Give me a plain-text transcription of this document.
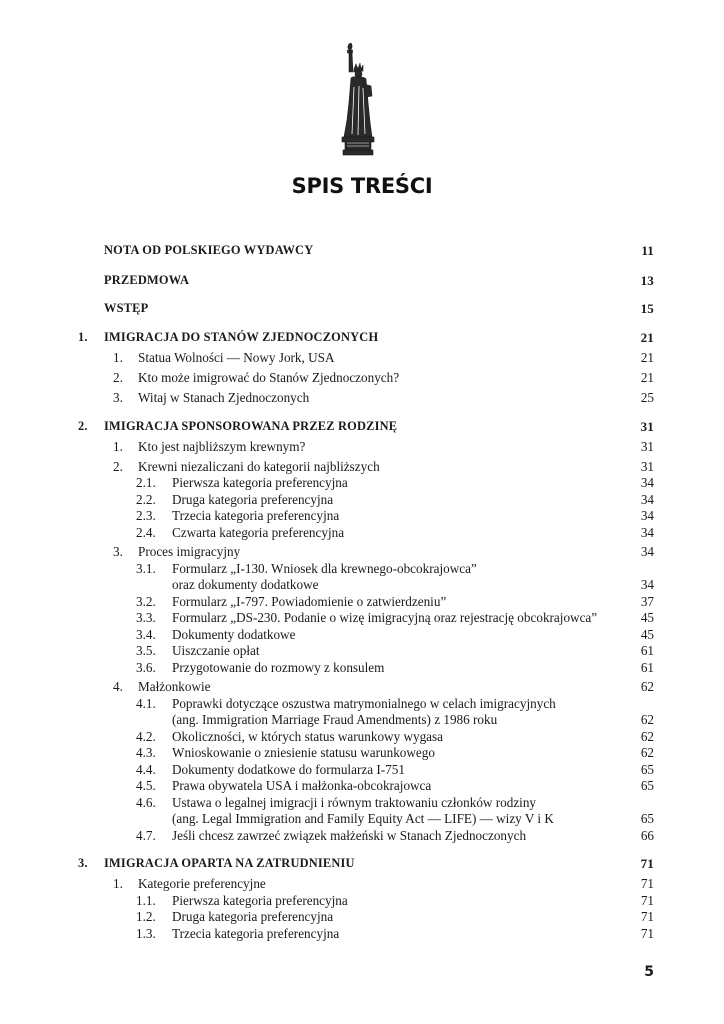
SPIS TREŚCI
NOTA OD POLSKIEGO WYDAWCY	11
PRZEDMOWA	13
WSTĘP	15
1. IMIGRACJA DO STANÓW ZJEDNOCZONYCH	21
1. Statua Wolności — Nowy Jork, USA	21
2. Kto może imigrować do Stanów Zjednoczonych?	21
3. Witaj w Stanach Zjednoczonych	25
2. IMIGRACJA SPONSOROWANA PRZEZ RODZINĘ	31
1. Kto jest najbliższym krewnym?	31
2. Krewni niezaliczani do kategorii najbliższych	31
2.1. Pierwsza kategoria preferencyjna	34
2.2. Druga kategoria preferencyjna	34
2.3. Trzecia kategoria preferencyjna	34
2.4. Czwarta kategoria preferencyjna	34
3. Proces imigracyjny	34
3.1. Formularz „I-130. Wniosek dla krewnego-obcokrajowca”
oraz dokumenty dodatkowe	34
3.2. Formularz „I-797. Powiadomienie o zatwierdzeniu”	37
3.3. Formularz „DS-230. Podanie o wizę imigracyjną oraz rejestrację obcokrajowca”	45
3.4. Dokumenty dodatkowe	45
3.5. Uiszczanie opłat	61
3.6. Przygotowanie do rozmowy z konsulem	61
4. Małżonkowie	62
4.1. Poprawki dotyczące oszustwa matrymonialnego w celach imigracyjnych
(ang. Immigration Marriage Fraud Amendments) z 1986 roku	62
4.2. Okoliczności, w których status warunkowy wygasa	62
4.3. Wnioskowanie o zniesienie statusu warunkowego	62
4.4. Dokumenty dodatkowe do formularza I-751	65
4.5. Prawa obywatela USA i małżonka-obcokrajowca	65
4.6. Ustawa o legalnej imigracji i równym traktowaniu członków rodziny
(ang. Legal Immigration and Family Equity Act — LIFE) — wizy V i K	65
4.7. Jeśli chcesz zawrzeć związek małżeński w Stanach Zjednoczonych	66
3. IMIGRACJA OPARTA NA ZATRUDNIENIU	71
1. Kategorie preferencyjne	71
1.1. Pierwsza kategoria preferencyjna	71
1.2. Druga kategoria preferencyjna	71
1.3. Trzecia kategoria preferencyjna	71
5
